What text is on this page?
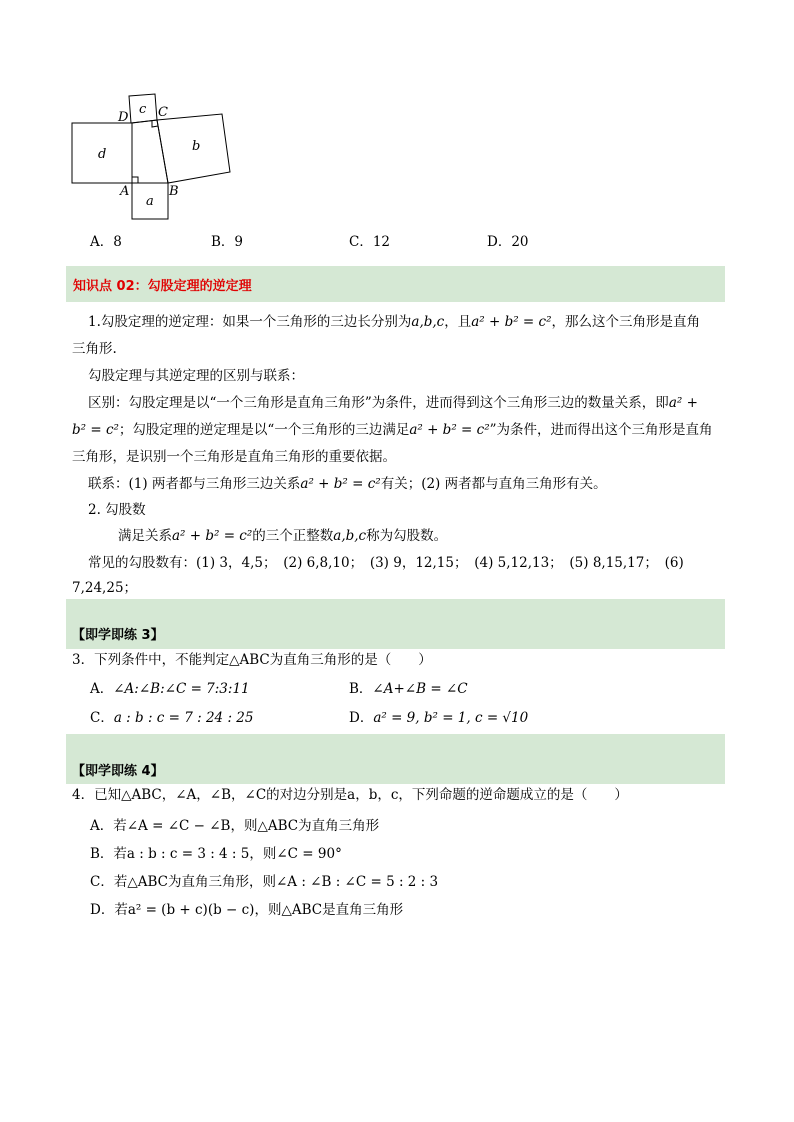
c
b
d
a
D C
A	B
A．8	B．9	C．12	D．20
知识点 02：勾股定理的逆定理
1.勾股定理的逆定理：如果一个三角形的三边长分别为a,b,c，且a² + b² = c²，那么这个三角形是直角
三角形.
勾股定理与其逆定理的区别与联系：
区别：勾股定理是以“一个三角形是直角三角形”为条件，进而得到这个三角形三边的数量关系，即a² +
b² = c²；勾股定理的逆定理是以“一个三角形的三边满足a² + b² = c²”为条件，进而得出这个三角形是直角
三角形，是识别一个三角形是直角三角形的重要依据。
联系：(1) 两者都与三角形三边关系a² + b² = c²有关；(2) 两者都与直角三角形有关。
2. 勾股数
满足关系a² + b² = c²的三个正整数a,b,c称为勾股数。
常见的勾股数有：(1) 3，4,5；　(2) 6,8,10；　(3) 9，12,15；　(4) 5,12,13；　(5) 8,15,17；　(6)
7,24,25；
【即学即练 3】
3．下列条件中，不能判定△ABC为直角三角形的是（　　）
A．∠A:∠B:∠C = 7:3:11	B．∠A+∠B = ∠C
C．a : b : c = 7 : 24 : 25	D．a² = 9, b² = 1, c = √10
【即学即练 4】
4．已知△ABC，∠A，∠B，∠C的对边分别是a，b，c，下列命题的逆命题成立的是（　　）
A．若∠A = ∠C − ∠B，则△ABC为直角三角形
B．若a : b : c = 3 : 4 : 5，则∠C = 90°
C．若△ABC为直角三角形，则∠A : ∠B : ∠C = 5 : 2 : 3
D．若a² = (b + c)(b − c)，则△ABC是直角三角形
